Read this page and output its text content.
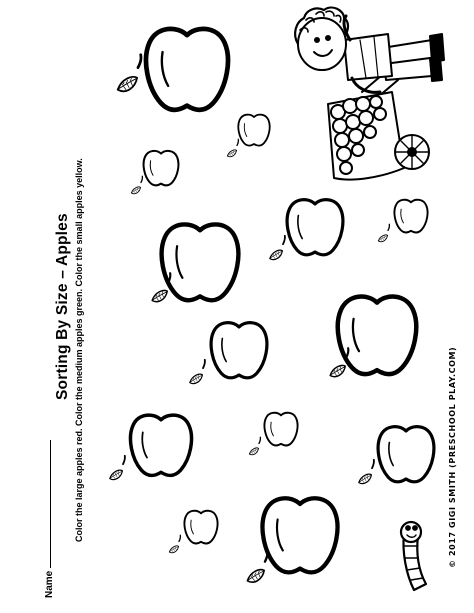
Sorting By Size – Apples Color the large apples red. Color the medium apples green. Color the small apples yellow.
Name
© 2017 GIGI SMITH (PRESCHOOL PLAY.COM)
